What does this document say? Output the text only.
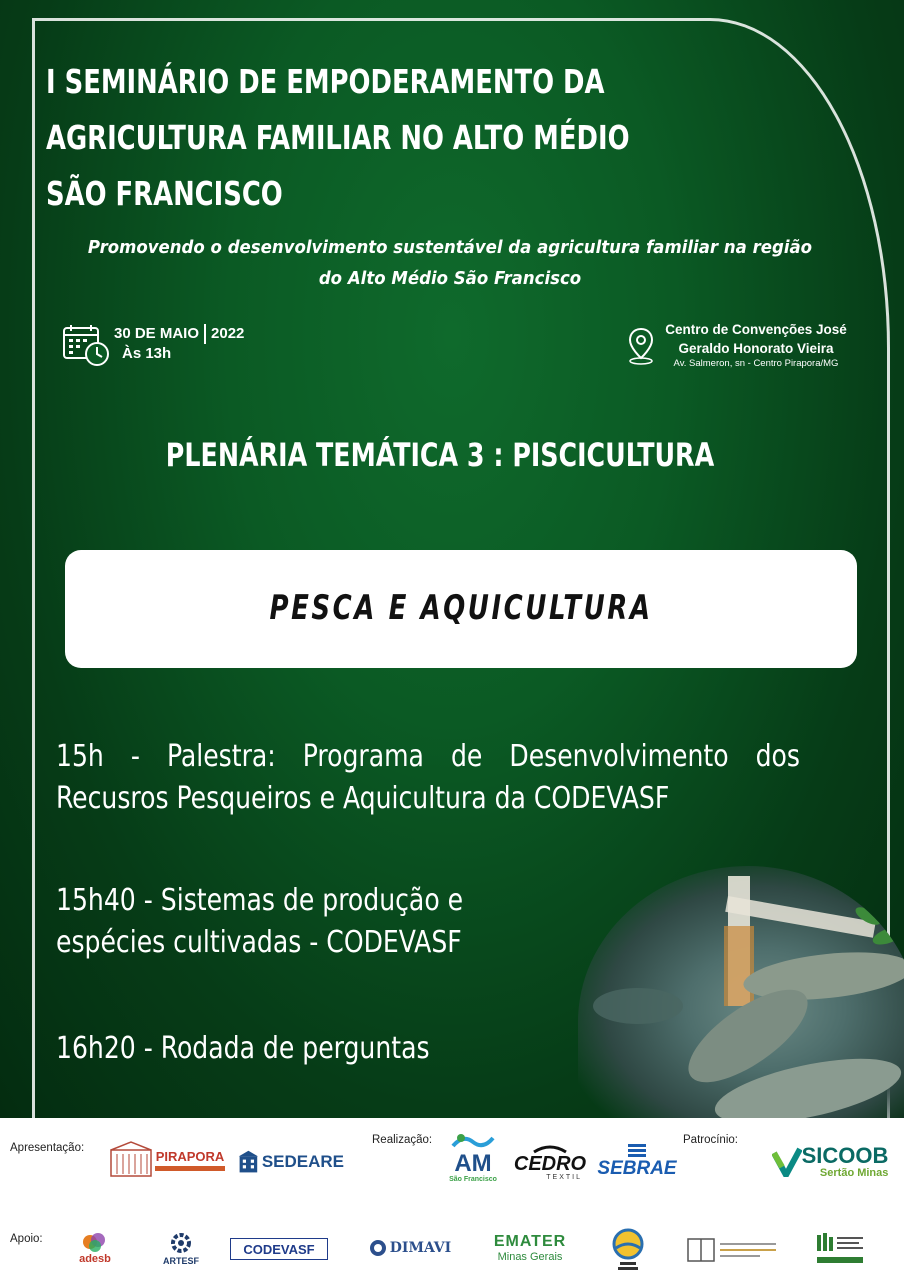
I SEMINÁRIO DE EMPODERAMENTO DA AGRICULTURA FAMILIAR NO ALTO MÉDIO SÃO FRANCISCO
Promovendo o desenvolvimento sustentável da agricultura familiar na região do Alto Médio São Francisco
30 DE MAIO 2022
Às 13h
Centro de Convenções José Geraldo Honorato Vieira
Av. Salmeron, sn - Centro Pirapora/MG
PLENÁRIA TEMÁTICA 3 : PISCICULTURA
PESCA E AQUICULTURA
15h - Palestra: Programa de Desenvolvimento dos Recusros Pesqueiros e Aquicultura da CODEVASF
15h40 - Sistemas de produção e espécies cultivadas - CODEVASF
16h20 - Rodada de perguntas
Apresentação:
Realização:	Patrocínio:
Apoio:
PIRAPORA SEDEARE	AM
São Francisco
CEDRO
TEXTIL SEBRAE
SICOOB
Sertão Minas
adesb	ARTESF
CODEVASF	DIMAVI	EMATER
Minas Gerais
